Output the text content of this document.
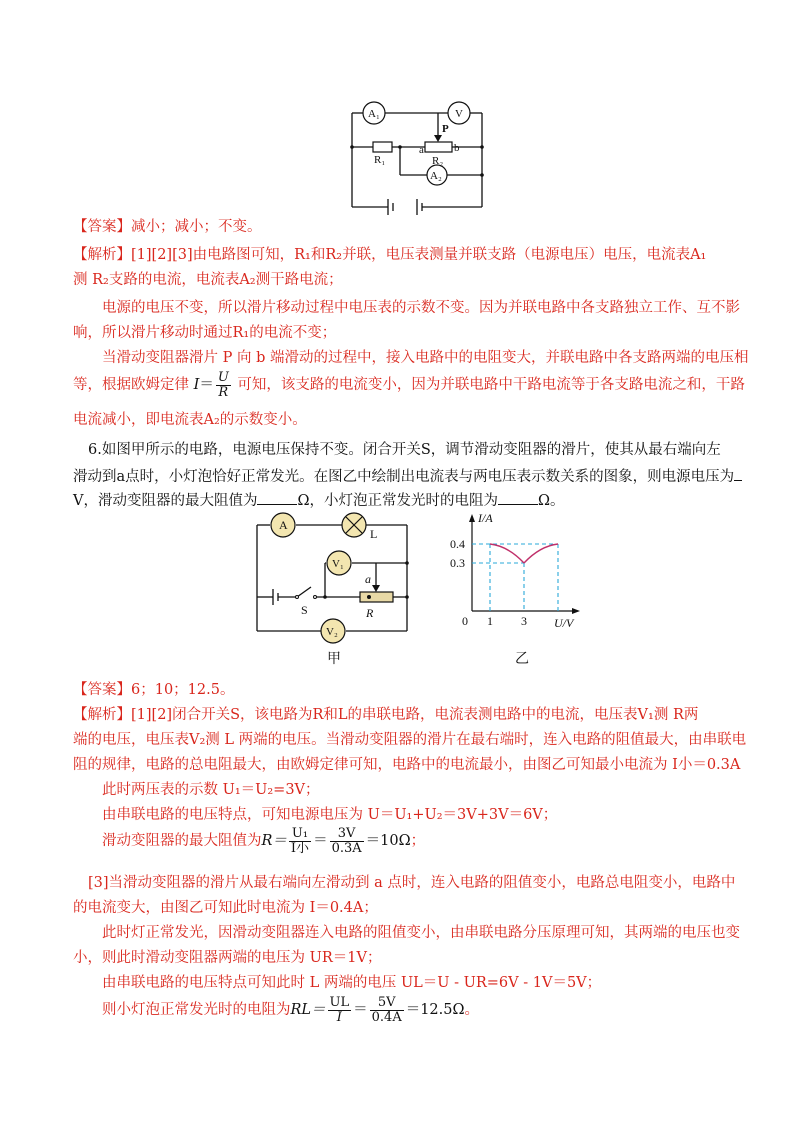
A₁	V
P
R₁
a	b
R₂
A₂
【答案】减小；减小；不变。
【解析】[1][2][3]由电路图可知，R₁和R₂并联，电压表测量并联支路（电源电压）电压，电流表A₁
测 R₂支路的电流，电流表A₂测干路电流；
电源的电压不变，所以滑片移动过程中电压表的示数不变。因为并联电路中各支路独立工作、互不影
响，所以滑片移动时通过R₁的电流不变；
当滑动变阻器滑片 P 向 b 端滑动的过程中，接入电路中的电阻变大，并联电路中各支路两端的电压相
等，根据欧姆定律 $I= \frac{U}{R}$ 可知，该支路的电流变小，因为并联电路中干路电流等于各支路电流之和，干路
电流减小，即电流表A₂的示数变小。
6.如图甲所示的电路，电源电压保持不变。闭合开关S，调节滑动变阻器的滑片，使其从最右端向左
滑动到a点时，小灯泡恰好正常发光。在图乙中绘制出电流表与两电压表示数关系的图象，则电源电压为
V，滑动变阻器的最大阻值为	Ω，小灯泡正常发光时的电阻为	Ω。
A
L
V₁
a
S	R
V₂
甲
I/A
0.4
0.3
0 1 3 U/V
乙
【答案】6；10；12.5。
【解析】[1][2]闭合开关S，该电路为R和L的串联电路，电流表测电路中的电流，电压表V₁测 R两
端的电压，电压表V₂测 L 两端的电压。当滑动变阻器的滑片在最右端时，连入电路的阻值最大，由串联电
阻的规律，电路的总电阻最大，由欧姆定律可知，电路中的电流最小，由图乙可知最小电流为 I小＝0.3A
此时两压表的示数 U₁＝U₂=3V；
由串联电路的电压特点，可知电源电压为 U＝U₁+U₂＝3V+3V＝6V；
滑动变阻器的最大阻值为$R= \frac{\text{U₁}}{\text{I小}} = \frac{3V}{0.3A} =10\Omega$；
[3]当滑动变阻器的滑片从最右端向左滑动到 a 点时，连入电路的阻值变小，电路总电阻变小，电路中
的电流变大，由图乙可知此时电流为 I＝0.4A；
此时灯正常发光，因滑动变阻器连入电路的阻值变小，由串联电路分压原理可知，其两端的电压也变
小，则此时滑动变阻器两端的电压为 UR＝1V；
由串联电路的电压特点可知此时 L 两端的电压 UL＝U - UR=6V - 1V＝5V；
则小灯泡正常发光时的电阻为$RL= \frac{UL}{I} = \frac{5V}{0.4A} =12.5\Omega$。
